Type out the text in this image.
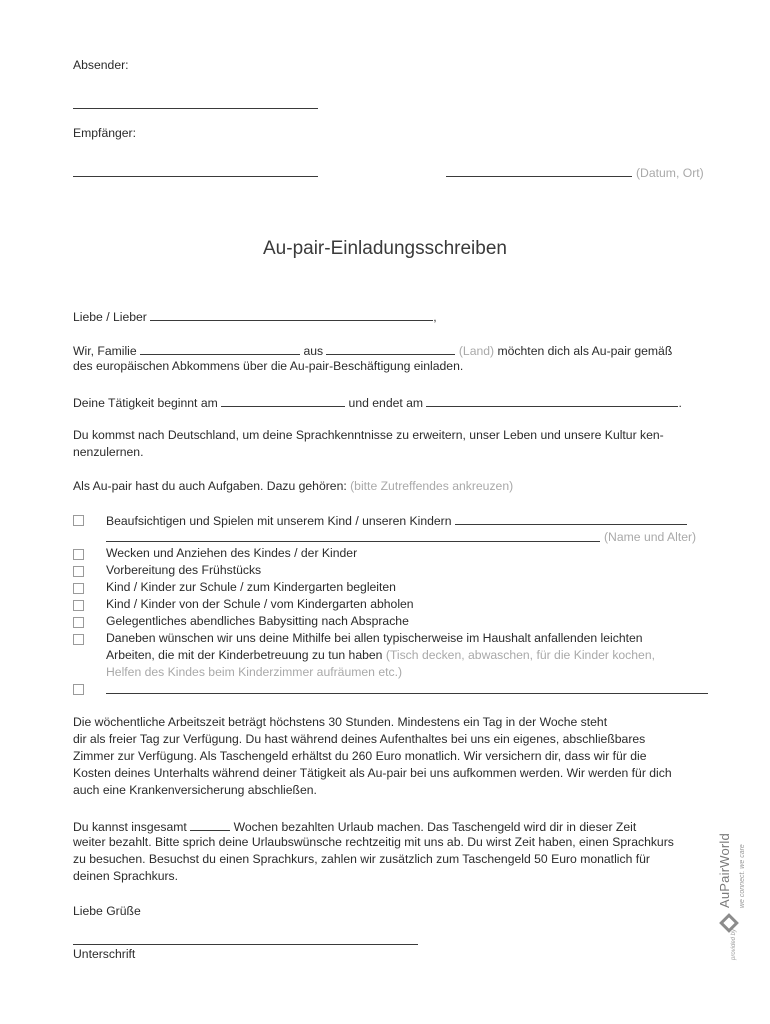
Absender:
Empfänger:
(Datum, Ort)
Au-pair-Einladungsschreiben
Liebe / Lieber	,
Wir, Familie	aus	(Land) möchten dich als Au-pair gemäß
des europäischen Abkommens über die Au-pair-Beschäftigung einladen.
Deine Tätigkeit beginnt am	und endet am	.
Du kommst nach Deutschland, um deine Sprachkenntnisse zu erweitern, unser Leben und unsere Kultur ken-
nenzulernen.
Als Au-pair hast du auch Aufgaben. Dazu gehören: (bitte Zutreffendes ankreuzen)
Beaufsichtigen und Spielen mit unserem Kind / unseren Kindern
(Name und Alter)
Wecken und Anziehen des Kindes / der Kinder
Vorbereitung des Frühstücks
Kind / Kinder zur Schule / zum Kindergarten begleiten
Kind / Kinder von der Schule / vom Kindergarten abholen
Gelegentliches abendliches Babysitting nach Absprache
Daneben wünschen wir uns deine Mithilfe bei allen typischerweise im Haushalt anfallenden leichten
Arbeiten, die mit der Kinderbetreuung zu tun haben (Tisch decken, abwaschen, für die Kinder kochen,
Helfen des Kindes beim Kinderzimmer aufräumen etc.)
Die wöchentliche Arbeitszeit beträgt höchstens 30 Stunden. Mindestens ein Tag in der Woche steht
dir als freier Tag zur Verfügung. Du hast während deines Aufenthaltes bei uns ein eigenes, abschließbares
Zimmer zur Verfügung. Als Taschengeld erhältst du 260 Euro monatlich. Wir versichern dir, dass wir für die
Kosten deines Unterhalts während deiner Tätigkeit als Au-pair bei uns aufkommen werden. Wir werden für dich
auch eine Krankenversicherung abschließen.
Du kannst insgesamt	Wochen bezahlten Urlaub machen. Das Taschengeld wird dir in dieser Zeit
weiter bezahlt. Bitte sprich deine Urlaubswünsche rechtzeitig mit uns ab. Du wirst Zeit haben, einen Sprachkurs
zu besuchen. Besuchst du einen Sprachkurs, zahlen wir zusätzlich zum Taschengeld 50 Euro monatlich für
deinen Sprachkurs.
Liebe Grüße
Unterschrift	provided by
AuPairWorld	we connect. we care
